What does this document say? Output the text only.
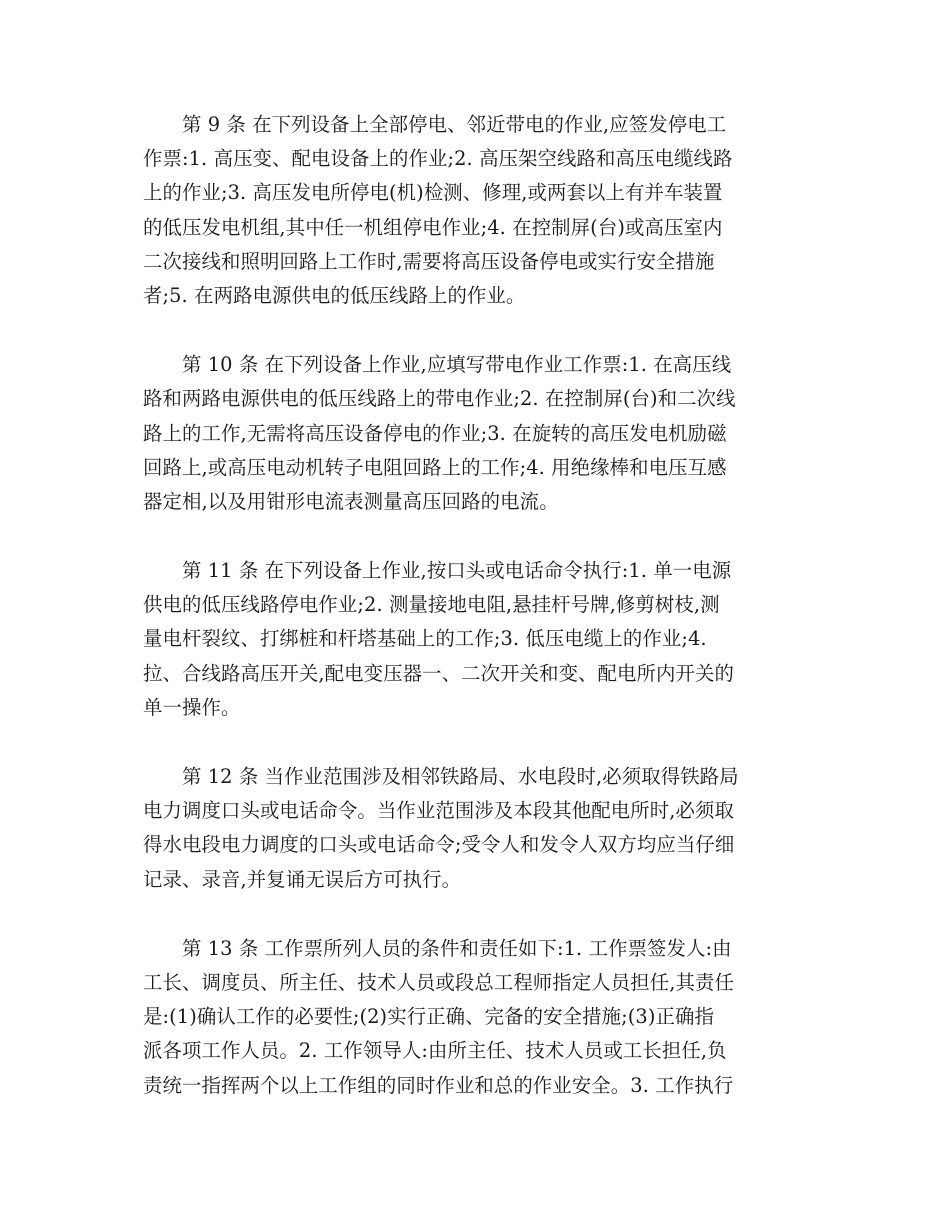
　　第 9 条 在下列设备上全部停电、邻近带电的作业,应签发停电工
作票:1. 高压变、配电设备上的作业;2. 高压架空线路和高压电缆线路
上的作业;3. 高压发电所停电(机)检测、修理,或两套以上有并车装置
的低压发电机组,其中任一机组停电作业;4. 在控制屏(台)或高压室内
二次接线和照明回路上工作时,需要将高压设备停电或实行安全措施
者;5. 在两路电源供电的低压线路上的作业。
　　第 10 条 在下列设备上作业,应填写带电作业工作票:1. 在高压线
路和两路电源供电的低压线路上的带电作业;2. 在控制屏(台)和二次线
路上的工作,无需将高压设备停电的作业;3. 在旋转的高压发电机励磁
回路上,或高压电动机转子电阻回路上的工作;4. 用绝缘棒和电压互感
器定相,以及用钳形电流表测量高压回路的电流。
　　第 11 条 在下列设备上作业,按口头或电话命令执行:1. 单一电源
供电的低压线路停电作业;2. 测量接地电阻,悬挂杆号牌,修剪树枝,测
量电杆裂纹、打绑桩和杆塔基础上的工作;3. 低压电缆上的作业;4.
拉、合线路高压开关,配电变压器一、二次开关和变、配电所内开关的
单一操作。
　　第 12 条 当作业范围涉及相邻铁路局、水电段时,必须取得铁路局
电力调度口头或电话命令。当作业范围涉及本段其他配电所时,必须取
得水电段电力调度的口头或电话命令;受令人和发令人双方均应当仔细
记录、录音,并复诵无误后方可执行。
　　第 13 条 工作票所列人员的条件和责任如下:1. 工作票签发人:由
工长、调度员、所主任、技术人员或段总工程师指定人员担任,其责任
是:(1)确认工作的必要性;(2)实行正确、完备的安全措施;(3)正确指
派各项工作人员。2. 工作领导人:由所主任、技术人员或工长担任,负
责统一指挥两个以上工作组的同时作业和总的作业安全。3. 工作执行
